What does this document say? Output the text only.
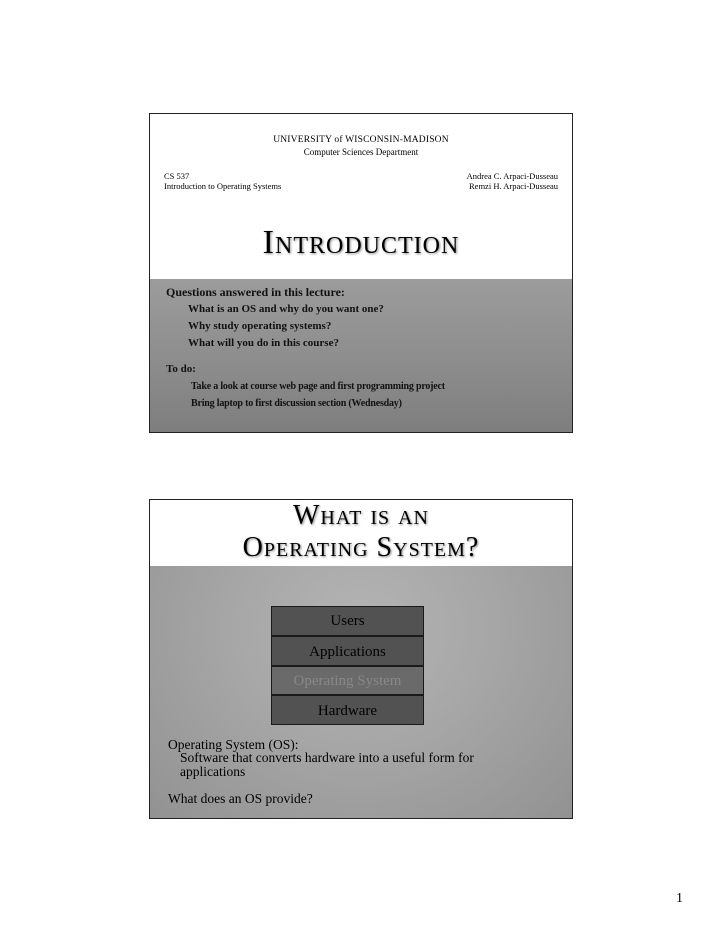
UNIVERSITY of WISCONSIN-MADISON
Computer Sciences Department
CS 537
Introduction to Operating Systems
Andrea C. Arpaci-Dusseau
Remzi H. Arpaci-Dusseau
Introduction
Questions answered in this lecture:
What is an OS and why do you want one?
Why study operating systems?
What will you do in this course?
To do:
Take a look at course web page and first programming project
Bring laptop to first discussion section (Wednesday)
What is an
Operating System?
Users
Applications
Operating System
Hardware
Operating System (OS):
Software that converts hardware into a useful form for applications
What does an OS provide?
1
